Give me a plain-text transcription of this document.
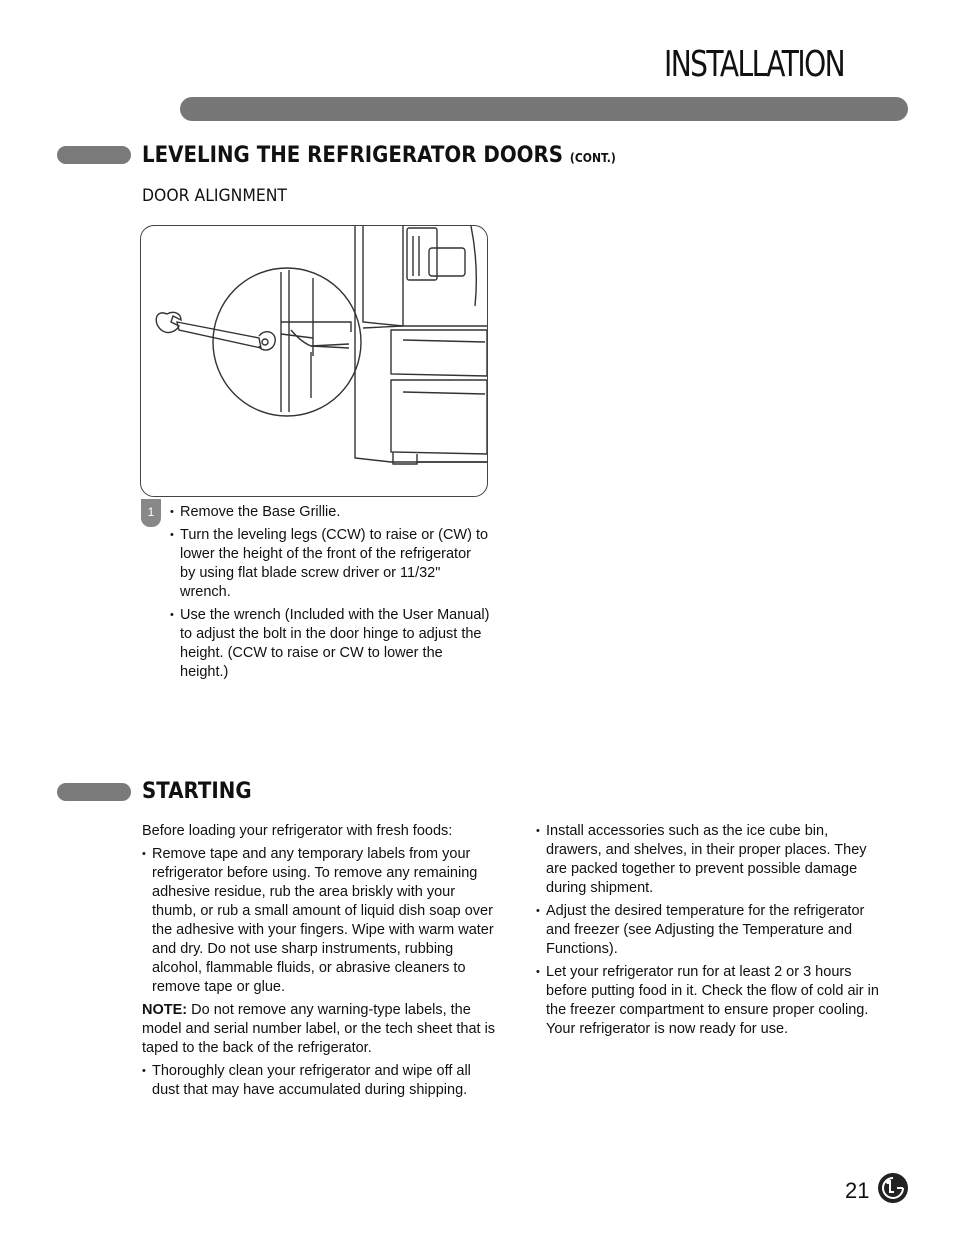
INSTALLATION
LEVELING THE REFRIGERATOR DOORS (CONT.)
DOOR ALIGNMENT
1
•	Remove the Base Grillie.
• Turn the leveling legs (CCW) to raise or (CW) to lower the height of the front of the refrigerator by using flat blade screw driver or 11/32" wrench.
• Use the wrench (Included with the User Manual) to adjust the bolt in the door hinge to adjust the height. (CCW to raise or CW to lower the height.)
STARTING

Before loading your refrigerator with fresh foods:

• Remove tape and any temporary labels from your refrigerator before using. To remove any remaining adhesive residue, rub the area briskly with your thumb, or rub a small amount of liquid dish soap over the adhesive with your fingers. Wipe with warm water and dry. Do not use sharp instruments, rubbing alcohol, flammable fluids, or abrasive cleaners to remove tape or glue.

NOTE: Do not remove any warning-type labels, the model and serial number label, or the tech sheet that is taped to the back of the refrigerator.

• Thoroughly clean your refrigerator and wipe off all dust that may have accumulated during shipping.
• Install accessories such as the ice cube bin, drawers, and shelves, in their proper places. They are packed together to prevent possible damage during shipment.
• Adjust the desired temperature for the refrigerator and freezer (see Adjusting the Temperature and Functions).
• Let your refrigerator run for at least 2 or 3 hours before putting food in it. Check the flow of cold air in the freezer compartment to ensure proper cooling. Your refrigerator is now ready for use.
21
